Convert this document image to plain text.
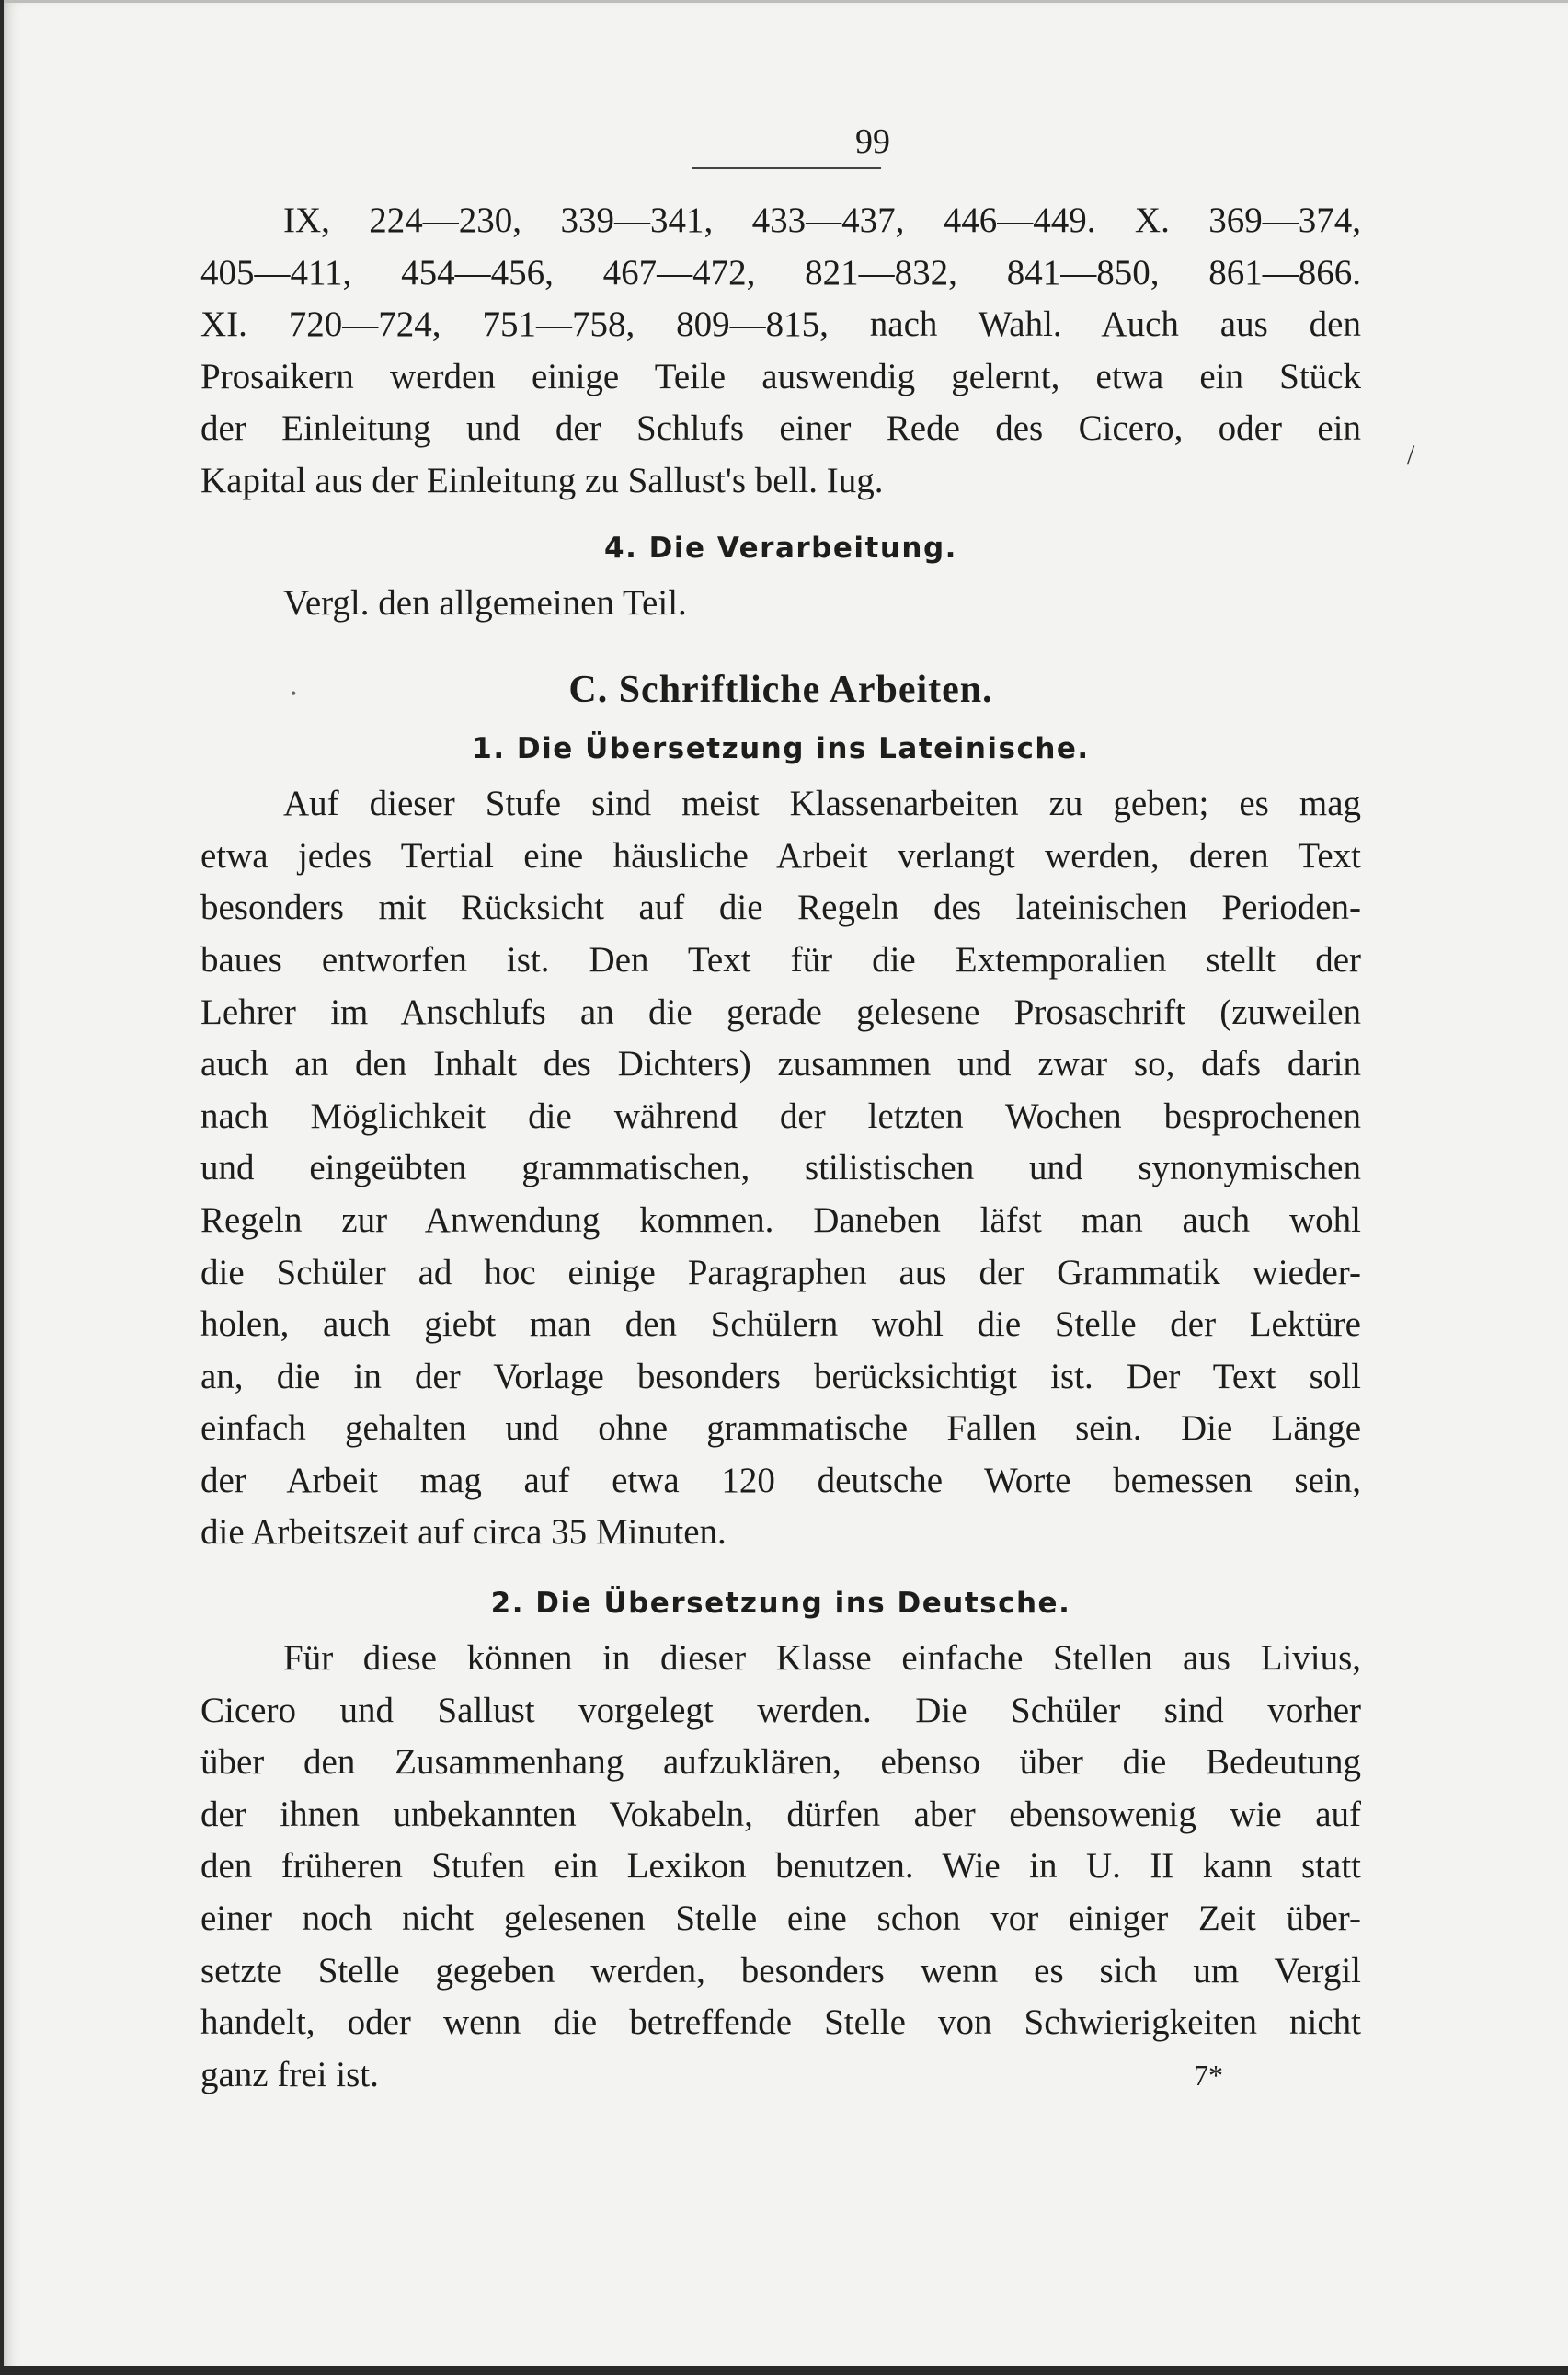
/
•
99

IX, 224—230, 339—341, 433—437, 446—449. X. 369—374,
405—411, 454—456, 467—472, 821—832, 841—850, 861—866.
XI. 720—724, 751—758, 809—815, nach Wahl. Auch aus den
Prosaikern werden einige Teile auswendig gelernt, etwa ein Stück
der Einleitung und der Schlufs einer Rede des Cicero, oder ein
Kapital aus der Einleitung zu Sallust's bell. Iug.

4. Die Verarbeitung.

Vergl. den allgemeinen Teil.

C. Schriftliche Arbeiten.
1. Die Übersetzung ins Lateinische.

Auf dieser Stufe sind meist Klassenarbeiten zu geben; es mag
etwa jedes Tertial eine häusliche Arbeit verlangt werden, deren Text
besonders mit Rücksicht auf die Regeln des lateinischen Perioden-
baues entworfen ist. Den Text für die Extemporalien stellt der
Lehrer im Anschlufs an die gerade gelesene Prosaschrift (zuweilen
auch an den Inhalt des Dichters) zusammen und zwar so, dafs darin
nach Möglichkeit die während der letzten Wochen besprochenen
und eingeübten grammatischen, stilistischen und synonymischen
Regeln zur Anwendung kommen. Daneben läfst man auch wohl
die Schüler ad hoc einige Paragraphen aus der Grammatik wieder-
holen, auch giebt man den Schülern wohl die Stelle der Lektüre
an, die in der Vorlage besonders berücksichtigt ist. Der Text soll
einfach gehalten und ohne grammatische Fallen sein. Die Länge
der Arbeit mag auf etwa 120 deutsche Worte bemessen sein,
die Arbeitszeit auf circa 35 Minuten.

2. Die Übersetzung ins Deutsche.

Für diese können in dieser Klasse einfache Stellen aus Livius,
Cicero und Sallust vorgelegt werden. Die Schüler sind vorher
über den Zusammenhang aufzuklären, ebenso über die Bedeutung
der ihnen unbekannten Vokabeln, dürfen aber ebensowenig wie auf
den früheren Stufen ein Lexikon benutzen. Wie in U. II kann statt
einer noch nicht gelesenen Stelle eine schon vor einiger Zeit über-
setzte Stelle gegeben werden, besonders wenn es sich um Vergil
handelt, oder wenn die betreffende Stelle von Schwierigkeiten nicht
ganz frei ist.	7*
